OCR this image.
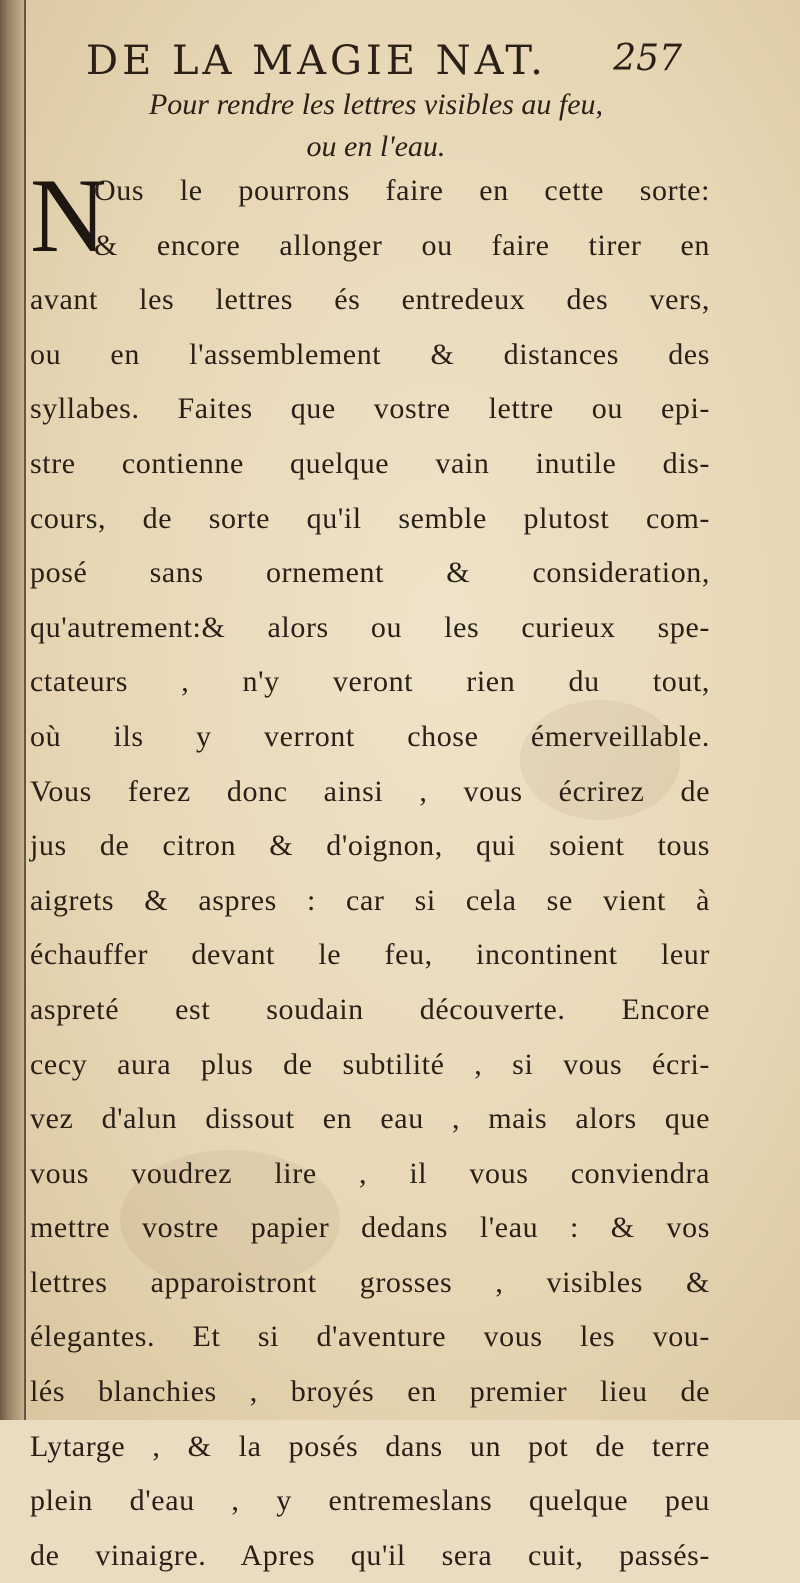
DE LA MAGIE NAT. 257
Pour rendre les lettres visibles au feu,
ou en l'eau.
N
Ous le pourrons faire en cette sorte:
& encore allonger ou faire tirer en
avant les lettres és entredeux des vers,
ou en l'assemblement & distances des
syllabes. Faites que vostre lettre ou epi-
stre contienne quelque vain inutile dis-
cours, de sorte qu'il semble plutost com-
posé sans ornement & consideration,
qu'autrement:& alors ou les curieux spe-
ctateurs , n'y veront rien du tout,
où ils y verront chose émerveillable.
Vous ferez donc ainsi , vous écrirez de
jus de citron & d'oignon, qui soient tous
aigrets & aspres : car si cela se vient à
échauffer devant le feu, incontinent leur
aspreté est soudain découverte. Encore
cecy aura plus de subtilité , si vous écri-
vez d'alun dissout en eau , mais alors que
vous voudrez lire , il vous conviendra
mettre vostre papier dedans l'eau : & vos
lettres apparoistront grosses , visibles &
élegantes. Et si d'aventure vous les vou-
lés blanchies , broyés en premier lieu de
Lytarge , & la posés dans un pot de terre
plein d'eau , y entremeslans quelque peu
de vinaigre. Apres qu'il sera cuit, passés-
